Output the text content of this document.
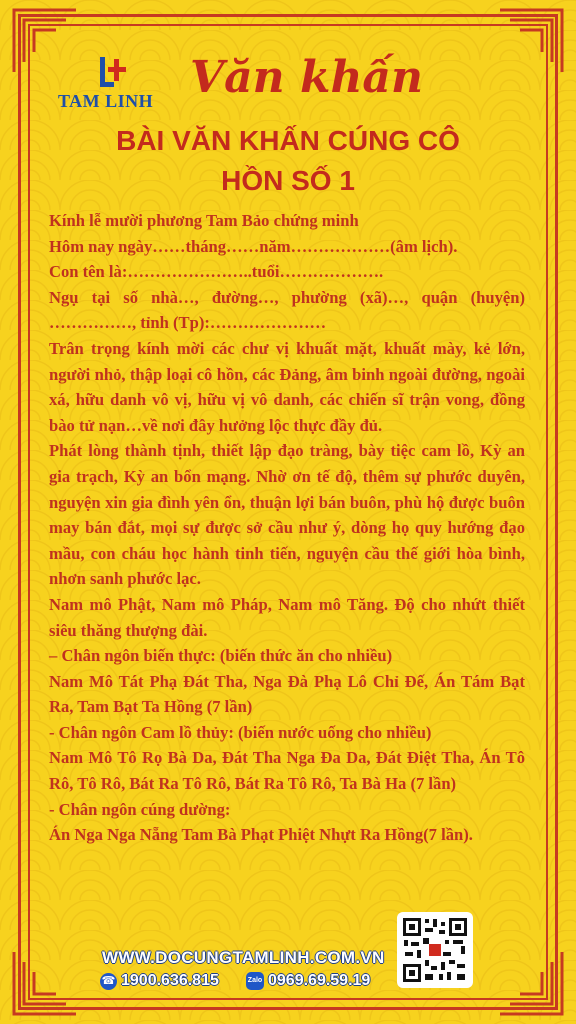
TAM LINH Văn khấn
BÀI VĂN KHẤN CÚNG CÔ
HỒN SỐ 1

Kính lễ mười phương Tam Bảo chứng minh

Hôm nay ngày……tháng……năm………………(âm lịch).

Con tên là:…………………..tuổi……………….

Ngụ tại số nhà…, đường…, phường (xã)…, quận (huyện) ……………, tỉnh (Tp):…………………

Trân trọng kính mời các chư vị khuất mặt, khuất mày, kẻ lớn, người nhỏ, thập loại cô hồn, các Đảng, âm binh ngoài đường, ngoài xá, hữu danh vô vị, hữu vị vô danh, các chiến sĩ trận vong, đồng bào tử nạn…về nơi đây hưởng lộc thực đầy đủ.

Phát lòng thành tịnh, thiết lập đạo tràng, bày tiệc cam lồ, Kỳ an gia trạch, Kỳ an bổn mạng. Nhờ ơn tế độ, thêm sự phước duyên, nguyện xin gia đình yên ổn, thuận lợi bán buôn, phù hộ được buôn may bán đắt, mọi sự được sở cầu như ý, dòng họ quy hướng đạo mầu, con cháu học hành tinh tiến, nguyện cầu thế giới hòa bình, nhơn sanh phước lạc.

Nam mô Phật, Nam mô Pháp, Nam mô Tăng. Độ cho nhứt thiết siêu thăng thượng đài.

– Chân ngôn biến thực: (biến thức ăn cho nhiều)

Nam Mô Tát Phạ Đát Tha, Nga Đà Phạ Lô Chỉ Đế, Án Tám Bạt Ra, Tam Bạt Ta Hồng (7 lần)

- Chân ngôn Cam lồ thủy: (biến nước uống cho nhiều)

Nam Mô Tô Rọ Bà Da, Đát Tha Nga Đa Da, Đát Điệt Tha, Án Tô Rô, Tô Rô, Bát Ra Tô Rô, Bát Ra Tô Rô, Ta Bà Ha (7 lần)

- Chân ngôn cúng dường:

Án Nga Nga Nẵng Tam Bà Phạt Phiệt Nhựt Ra Hồng(7 lần).

WWW.DOCUNGTAMLINH.COM.VN
☎ 1900.636.815	Zalo 0969.69.59.19
